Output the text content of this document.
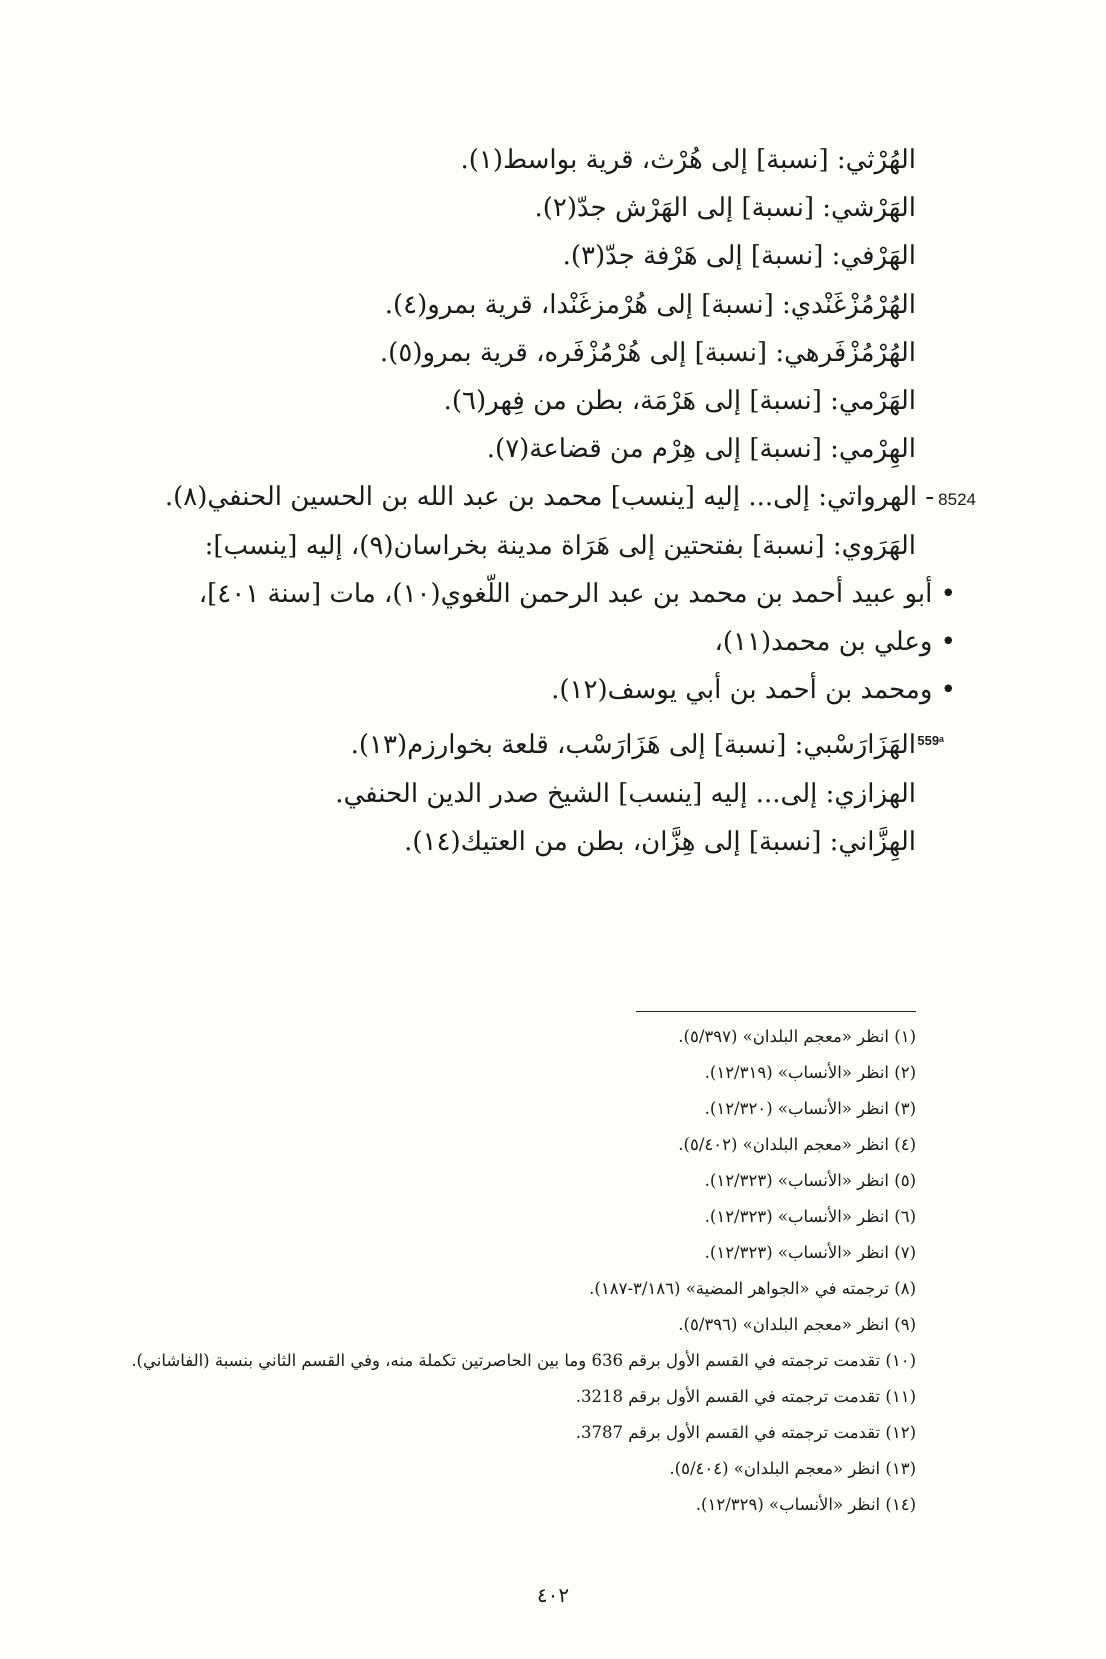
الهُرْثي: [نسبة] إلى هُرْث، قرية بواسط(١).
الهَرْشي: [نسبة] إلى الهَرْش جدّ(٢).
الهَرْفي: [نسبة] إلى هَرْفة جدّ(٣).
الهُرْمُزْغَنْدي: [نسبة] إلى هُرْمزغَنْدا، قرية بمرو(٤).
الهُرْمُزْفَرهي: [نسبة] إلى هُرْمُزْفَره، قرية بمرو(٥).
الهَرْمي: [نسبة] إلى هَرْمَة، بطن من فِهر(٦).
الهِرْمي: [نسبة] إلى هِرْم من قضاعة(٧).
8524- الهرواتي: إلى... إليه [ينسب] محمد بن عبد الله بن الحسين الحنفي(٨).
الهَرَوي: [نسبة] بفتحتين إلى هَرَاة مدينة بخراسان(٩)، إليه [ينسب]:
• أبو عبيد أحمد بن محمد بن عبد الرحمن اللّغوي(١٠)، مات [سنة ٤٠١]،
• وعلي بن محمد(١١)،
• ومحمد بن أحمد بن أبي يوسف(١٢).
الهَزَارَسْبي: [نسبة] إلى هَزَارَسْب، قلعة بخوارزم(١٣).
الهزازي: إلى... إليه [ينسب] الشيخ صدر الدين الحنفي.
الهِزَّاني: [نسبة] إلى هِزَّان، بطن من العتيك(١٤).
559ᵃ
(١) انظر «معجم البلدان» (٥/٣٩٧).
(٢) انظر «الأنساب» (١٢/٣١٩).
(٣) انظر «الأنساب» (١٢/٣٢٠).
(٤) انظر «معجم البلدان» (٥/٤٠٢).
(٥) انظر «الأنساب» (١٢/٣٢٣).
(٦) انظر «الأنساب» (١٢/٣٢٣).
(٧) انظر «الأنساب» (١٢/٣٢٣).
(٨) ترجمته في «الجواهر المضية» (٣/١٨٦-١٨٧).
(٩) انظر «معجم البلدان» (٥/٣٩٦).
(١٠) تقدمت ترجمته في القسم الأول برقم 636 وما بين الحاصرتين تكملة منه، وفي القسم الثاني بنسبة (الفاشاني).
(١١) تقدمت ترجمته في القسم الأول برقم 3218.
(١٢) تقدمت ترجمته في القسم الأول برقم 3787.
(١٣) انظر «معجم البلدان» (٥/٤٠٤).
(١٤) انظر «الأنساب» (١٢/٣٢٩).
٤٠٢
